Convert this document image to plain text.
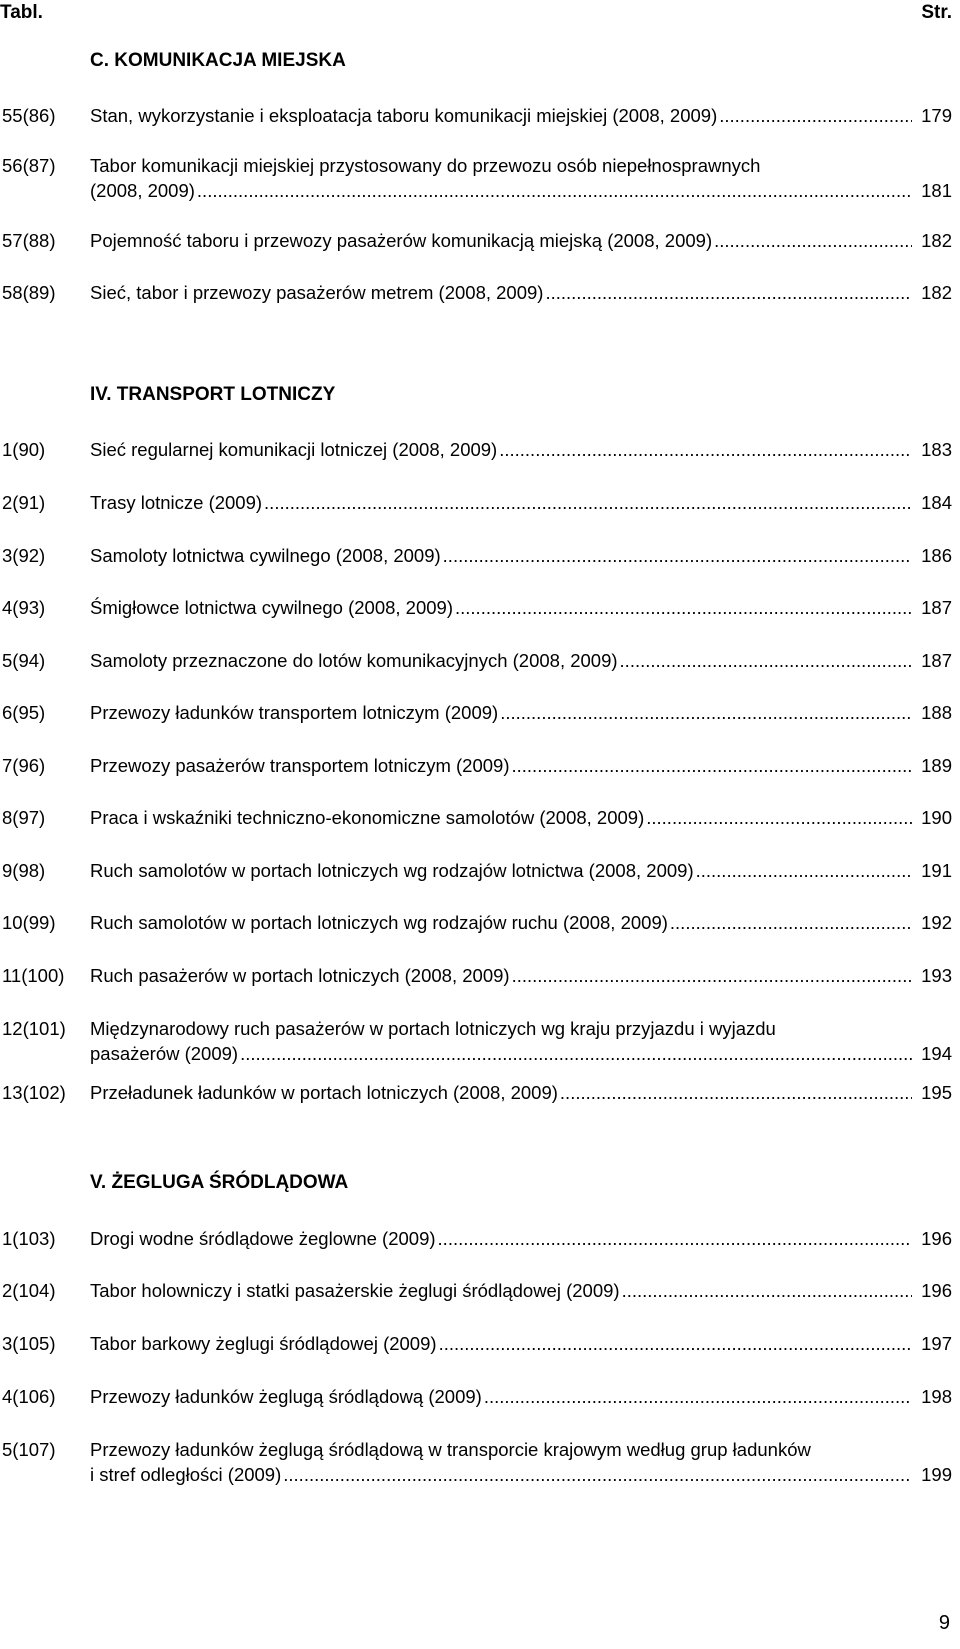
Tabl.	Str.
C. KOMUNIKACJA MIEJSKA
55(86) Stan, wykorzystanie i eksploatacja taboru komunikacji miejskiej (2008, 2009) .....	179
56(87) Tabor komunikacji miejskiej przystosowany do przewozu osób niepełnosprawnych
(2008, 2009) .....	181
57(88) Pojemność taboru i przewozy pasażerów komunikacją miejską (2008, 2009) .....	182
58(89) Sieć, tabor i przewozy pasażerów metrem (2008, 2009) .....	182
IV. TRANSPORT LOTNICZY
1(90) Sieć regularnej komunikacji lotniczej (2008, 2009) .....	183
2(91) Trasy lotnicze (2009) .....	184
3(92) Samoloty lotnictwa cywilnego (2008, 2009) .....	186
4(93) Śmigłowce lotnictwa cywilnego (2008, 2009) .....	187
5(94) Samoloty przeznaczone do lotów komunikacyjnych (2008, 2009) .....	187
6(95) Przewozy ładunków transportem lotniczym (2009) .....	188
7(96) Przewozy pasażerów transportem lotniczym (2009) .....	189
8(97) Praca i wskaźniki techniczno-ekonomiczne samolotów (2008, 2009) .....	190
9(98) Ruch samolotów w portach lotniczych wg rodzajów lotnictwa (2008, 2009) .....	191
10(99) Ruch samolotów w portach lotniczych wg rodzajów ruchu (2008, 2009) .....	192
11(100) Ruch pasażerów w portach lotniczych (2008, 2009) .....	193
12(101) Międzynarodowy ruch pasażerów w portach lotniczych wg kraju przyjazdu i wyjazdu
pasażerów (2009) .....	194
13(102) Przeładunek ładunków w portach lotniczych (2008, 2009) .....	195
V. ŻEGLUGA ŚRÓDLĄDOWA
1(103) Drogi wodne śródlądowe żeglowne (2009) .....	196
2(104) Tabor holowniczy i statki pasażerskie żeglugi śródlądowej (2009) .....	196
3(105) Tabor barkowy żeglugi śródlądowej (2009) .....	197
4(106) Przewozy ładunków żeglugą śródlądową (2009) .....	198
5(107) Przewozy ładunków żeglugą śródlądową w transporcie krajowym według grup ładunków
i stref odległości (2009) .....	199
9
